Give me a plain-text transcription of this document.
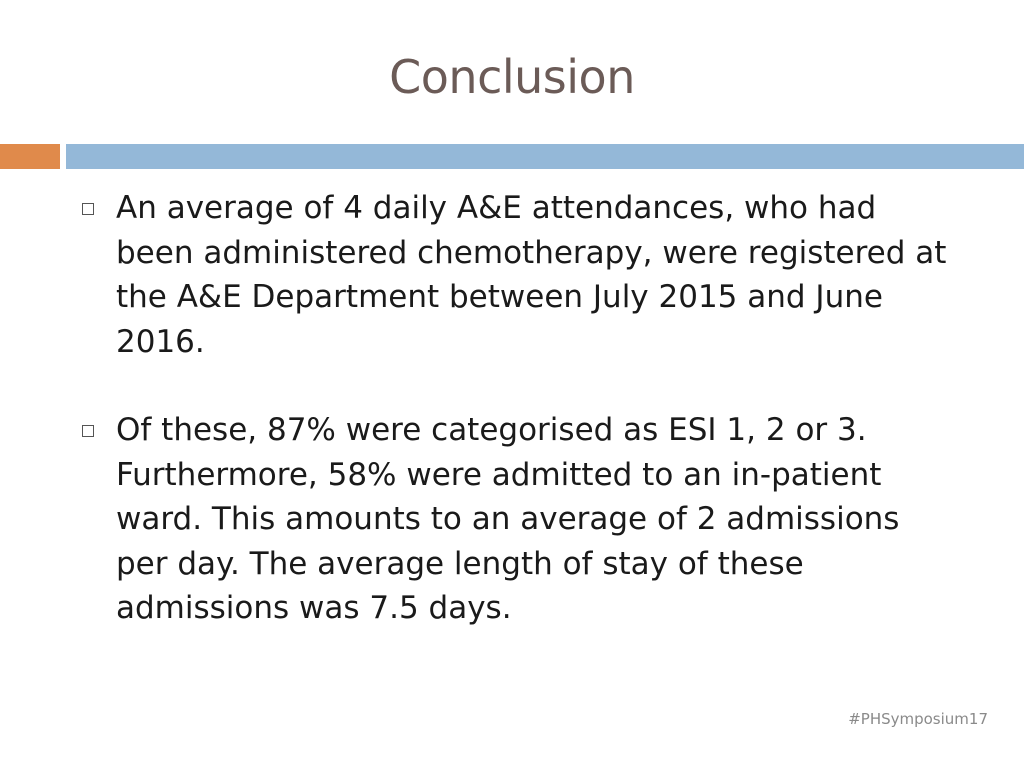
Conclusion
An average of 4 daily A&E attendances, who had been administered chemotherapy, were registered at the A&E Department between July 2015 and June 2016.
Of these, 87% were categorised as ESI 1, 2 or 3. Furthermore, 58% were admitted to an in-patient ward. This amounts to an average of 2 admissions per day. The average length of stay of these admissions was 7.5 days.
#PHSymposium17
